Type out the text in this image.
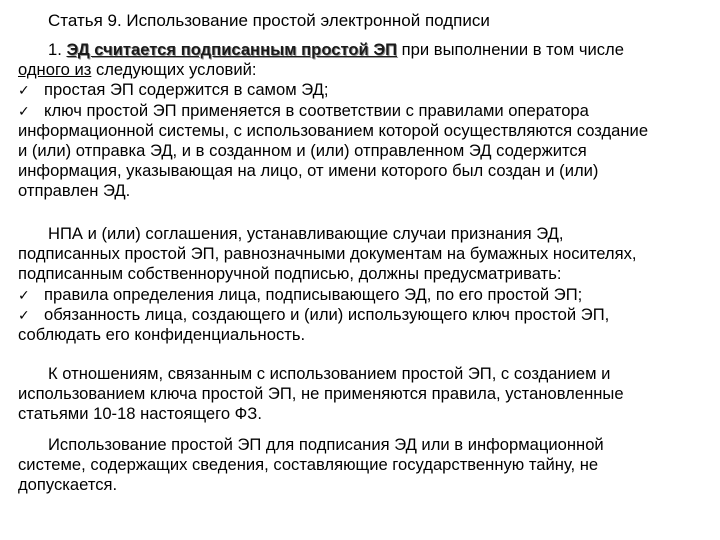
Статья 9. Использование простой электронной подписи
1. ЭД считается подписанным простой ЭП при выполнении в том числе
одного из следующих условий:
✓ простая ЭП содержится в самом ЭД;
✓ ключ простой ЭП применяется в соответствии с правилами оператора
информационной системы, с использованием которой осуществляются создание
и (или) отправка ЭД, и в созданном и (или) отправленном ЭД содержится
информация, указывающая на лицо, от имени которого был создан и (или)
отправлен ЭД.
НПА и (или) соглашения, устанавливающие случаи признания ЭД,
подписанных простой ЭП, равнозначными документам на бумажных носителях,
подписанным собственноручной подписью, должны предусматривать:
✓ правила определения лица, подписывающего ЭД, по его простой ЭП;
✓ обязанность лица, создающего и (или) использующего ключ простой ЭП,
соблюдать его конфиденциальность.
К отношениям, связанным с использованием простой ЭП, с созданием и
использованием ключа простой ЭП, не применяются правила, установленные
статьями 10-18 настоящего ФЗ.
Использование простой ЭП для подписания ЭД или в информационной
системе, содержащих сведения, составляющие государственную тайну, не
допускается.
